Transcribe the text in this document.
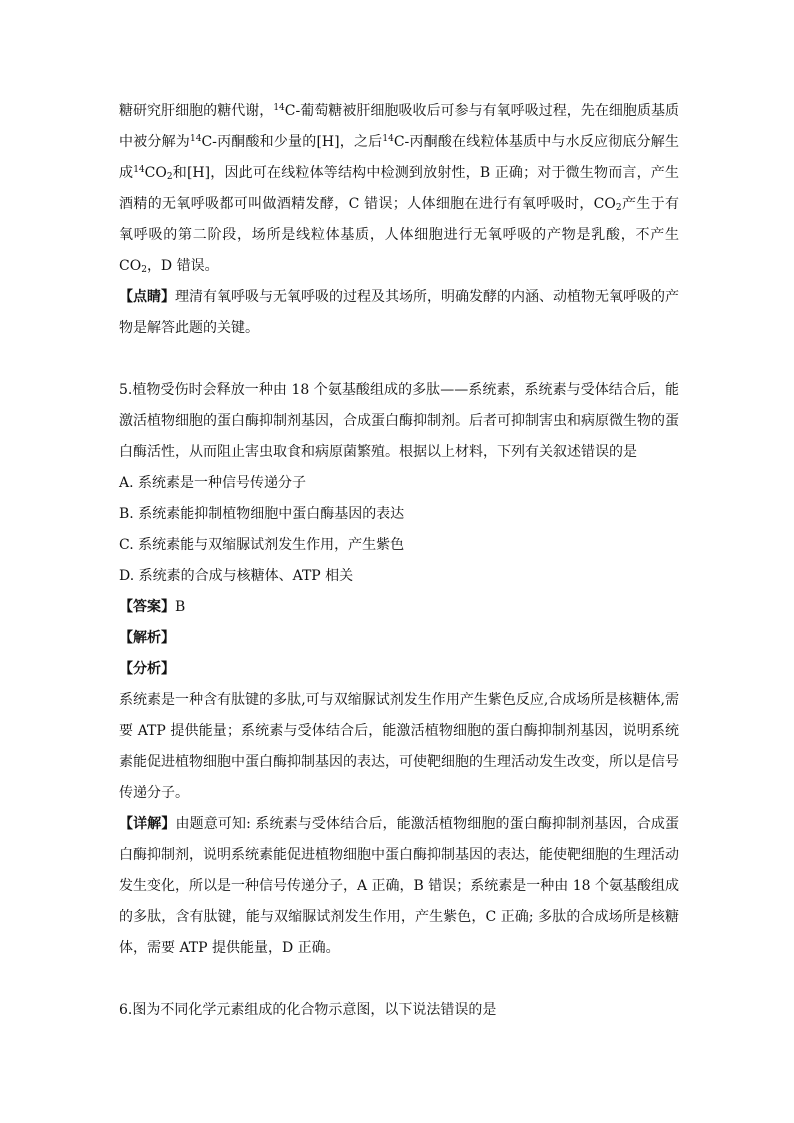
糖研究肝细胞的糖代谢，$^{14}$C-葡萄糖被肝细胞吸收后可参与有氧呼吸过程，先在细胞质基质中被分解为$^{14}$C-丙酮酸和少量的[H]，之后$^{14}$C-丙酮酸在线粒体基质中与水反应彻底分解生成$^{14}CO_2$和[H]，因此可在线粒体等结构中检测到放射性，B 正确；对于微生物而言，产生酒精的无氧呼吸都可叫做酒精发酵，C 错误；人体细胞在进行有氧呼吸时，$CO_2$产生于有氧呼吸的第二阶段，场所是线粒体基质，人体细胞进行无氧呼吸的产物是乳酸，不产生 $CO_2$，D 错误。

【点睛】理清有氧呼吸与无氧呼吸的过程及其场所，明确发酵的内涵、动植物无氧呼吸的产物是解答此题的关键。

5.植物受伤时会释放一种由 18 个氨基酸组成的多肽——系统素，系统素与受体结合后，能激活植物细胞的蛋白酶抑制剂基因，合成蛋白酶抑制剂。后者可抑制害虫和病原微生物的蛋白酶活性，从而阻止害虫取食和病原菌繁殖。根据以上材料，下列有关叙述错误的是

A. 系统素是一种信号传递分子

B. 系统素能抑制植物细胞中蛋白酶基因的表达

C. 系统素能与双缩脲试剂发生作用，产生紫色

D. 系统素的合成与核糖体、ATP 相关

【答案】B

【解析】

【分析】

系统素是一种含有肽键的多肽,可与双缩脲试剂发生作用产生紫色反应,合成场所是核糖体,需要 ATP 提供能量；系统素与受体结合后，能激活植物细胞的蛋白酶抑制剂基因，说明系统素能促进植物细胞中蛋白酶抑制基因的表达，可使靶细胞的生理活动发生改变，所以是信号传递分子。

【详解】由题意可知: 系统素与受体结合后，能激活植物细胞的蛋白酶抑制剂基因，合成蛋白酶抑制剂，说明系统素能促进植物细胞中蛋白酶抑制基因的表达，能使靶细胞的生理活动发生变化，所以是一种信号传递分子，A 正确，B 错误；系统素是一种由 18 个氨基酸组成的多肽，含有肽键，能与双缩脲试剂发生作用，产生紫色，C 正确; 多肽的合成场所是核糖体，需要 ATP 提供能量，D 正确。

6.图为不同化学元素组成的化合物示意图，以下说法错误的是
